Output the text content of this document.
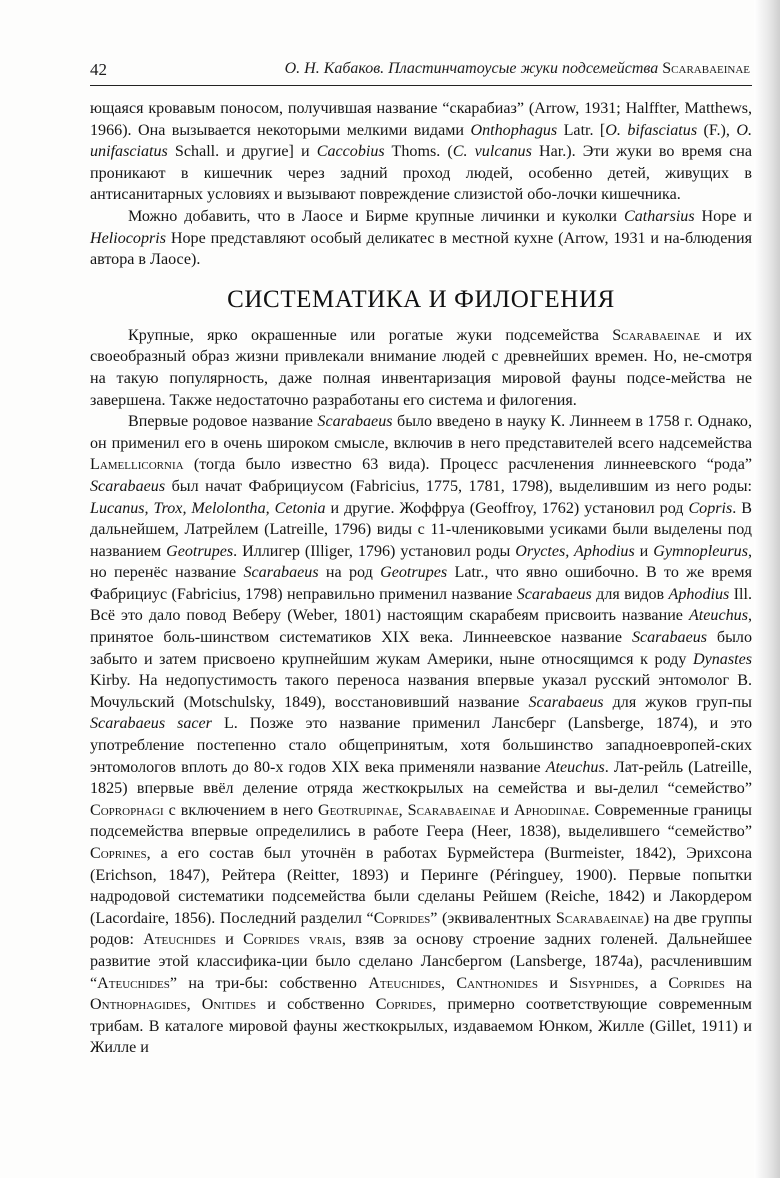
42	О. Н. Кабаков. Пластинчатоусые жуки подсемейства Scarabaeinae

ющаяся кровавым поносом, получившая название “скарабиаз” (Arrow, 1931; Halffter, Matthews, 1966). Она вызывается некоторыми мелкими видами Onthophagus Latr. [O. bifasciatus (F.), O. unifasciatus Schall. и другие] и Caccobius Thoms. (C. vulcanus Har.). Эти жуки во время сна проникают в кишечник через задний проход людей, особенно детей, живущих в антисанитарных условиях и вызывают повреждение слизистой обо-лочки кишечника.

Можно добавить, что в Лаосе и Бирме крупные личинки и куколки Catharsius Hope и Heliocopris Hope представляют особый деликатес в местной кухне (Arrow, 1931 и на-блюдения автора в Лаосе).

СИСТЕМАТИКА И ФИЛОГЕНИЯ

Крупные, ярко окрашенные или рогатые жуки подсемейства Scarabaeinae и их своеобразный образ жизни привлекали внимание людей с древнейших времен. Но, не-смотря на такую популярность, даже полная инвентаризация мировой фауны подсе-мейства не завершена. Также недостаточно разработаны его система и филогения.

Впервые родовое название Scarabaeus было введено в науку К. Линнеем в 1758 г. Однако, он применил его в очень широком смысле, включив в него представителей всего надсемейства Lamellicornia (тогда было известно 63 вида). Процесс расчленения линнеевского “рода” Scarabaeus был начат Фабрициусом (Fabricius, 1775, 1781, 1798), выделившим из него роды: Lucanus, Trox, Melolontha, Cetonia и другие. Жоффруа (Geoffroy, 1762) установил род Copris. В дальнейшем, Латрейлем (Latreille, 1796) виды с 11-члениковыми усиками были выделены под названием Geotrupes. Иллигер (Illiger, 1796) установил роды Oryctes, Aphodius и Gymnopleurus, но перенёс название Scarabaeus на род Geotrupes Latr., что явно ошибочно. В то же время Фабрициус (Fabricius, 1798) неправильно применил название Scarabaeus для видов Aphodius Ill. Всё это дало повод Веберу (Weber, 1801) настоящим скарабеям присвоить название Ateuchus, принятое боль-шинством систематиков XIX века. Линнеевское название Scarabaeus было забыто и затем присвоено крупнейшим жукам Америки, ныне относящимся к роду Dynastes Kirby. На недопустимость такого переноса названия впервые указал русский энтомолог В. Мочульский (Motschulsky, 1849), восстановивший название Scarabaeus для жуков груп-пы Scarabaeus sacer L. Позже это название применил Лансберг (Lansberge, 1874), и это употребление постепенно стало общепринятым, хотя большинство западноевропей-ских энтомологов вплоть до 80-х годов XIX века применяли название Ateuchus. Лат-рейль (Latreille, 1825) впервые ввёл деление отряда жесткокрылых на семейства и вы-делил “семейство” Coprophagi с включением в него Geotrupinae, Scarabaeinae и Aphodiinae. Современные границы подсемейства впервые определились в работе Геера (Heer, 1838), выделившего “семейство” Coprines, а его состав был уточнён в работах Бурмейстера (Burmeister, 1842), Эрихсона (Erichson, 1847), Рейтера (Reitter, 1893) и Перинге (Péringuey, 1900). Первые попытки надродовой систематики подсемейства были сделаны Рейшем (Reiche, 1842) и Лакордером (Lacordaire, 1856). Последний разделил “Coprides” (эквивалентных Scarabaeinae) на две группы родов: Ateuchides и Coprides vrais, взяв за основу строение задних голеней. Дальнейшее развитие этой классифика-ции было сделано Лансбергом (Lansberge, 1874a), расчленившим “Ateuchides” на три-бы: собственно Ateuchides, Canthonides и Sisyphides, а Coprides на Onthophagides, Onitides и собственно Coprides, примерно соответствующие современным трибам. В каталоге мировой фауны жесткокрылых, издаваемом Юнком, Жилле (Gillet, 1911) и Жилле и
